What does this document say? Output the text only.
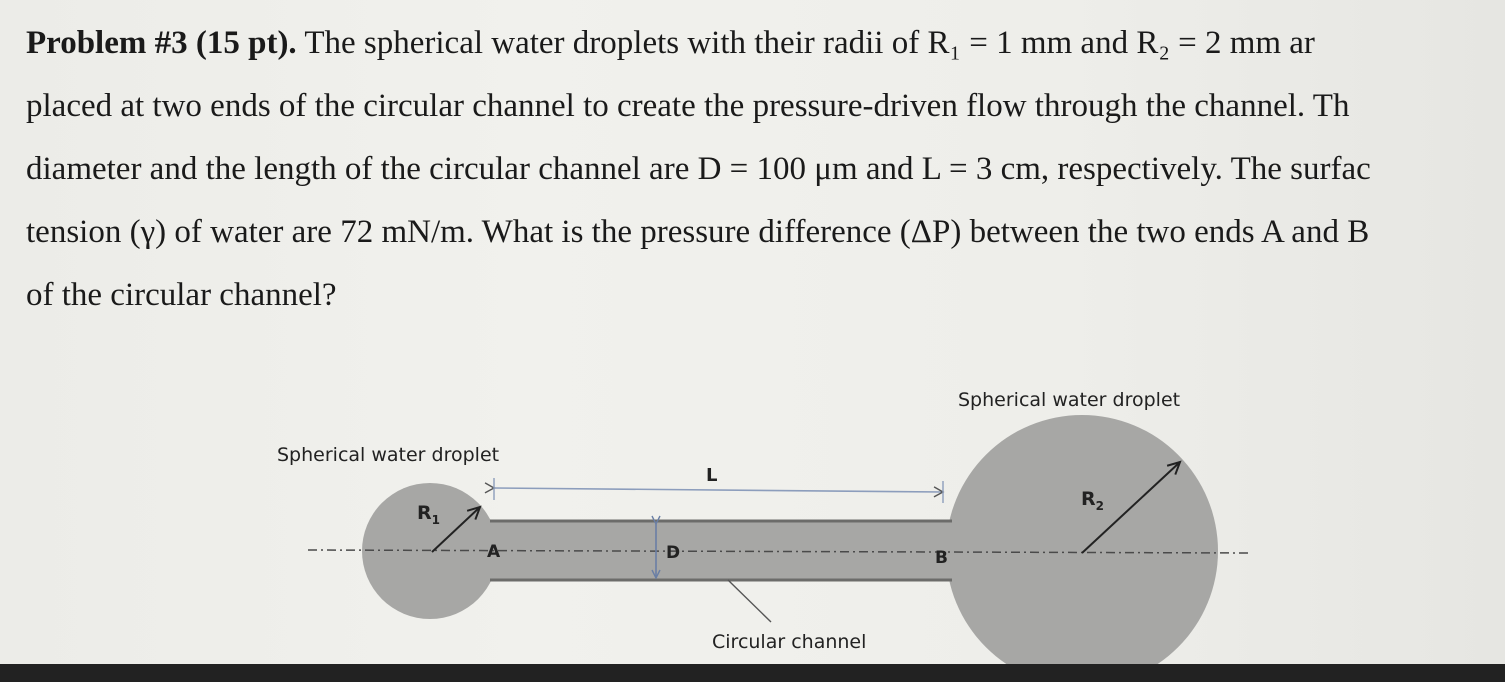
Problem #3 (15 pt). The spherical water droplets with their radii of R₁ = 1 mm and R₂ = 2 mm ar
placed at two ends of the circular channel to create the pressure-driven flow through the channel. Th
diameter and the length of the circular channel are D = 100 μm and L = 3 cm, respectively. The surfac
tension (γ) of water are 72 mN/m. What is the pressure difference (ΔP) between the two ends A and B
of the circular channel?
Spherical water droplet
Spherical water droplet
L
$R_1$
$R_2$
A	B
D
Circular channel
